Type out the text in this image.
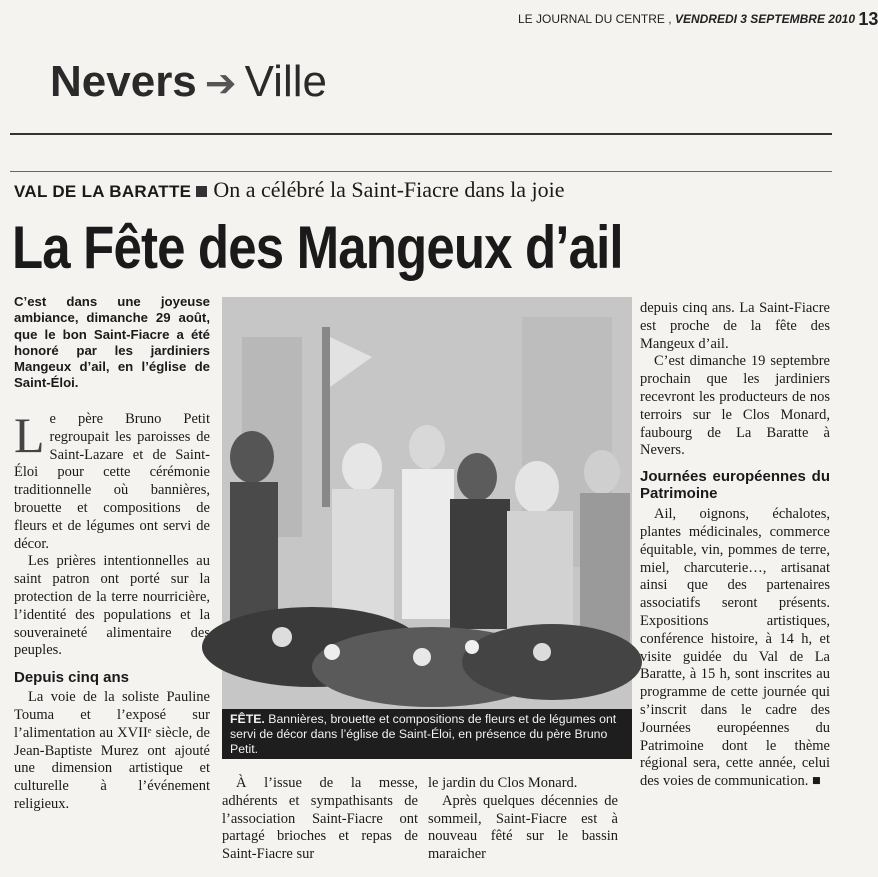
LE JOURNAL DU CENTRE , VENDREDI 3 SEPTEMBRE 2010 13
Nevers ➔ Ville
VAL DE LA BARATTE On a célébré la Saint-Fiacre dans la joie
La Fête des Mangeux d’ail

C’est dans une joyeuse ambiance, dimanche 29 août, que le bon Saint-Fiacre a été honoré par les jardiniers Mangeux d’ail, en l’église de Saint-Éloi.

Le père Bruno Petit regroupait les paroisses de Saint-Lazare et de Saint-Éloi pour cette cérémonie traditionnelle où bannières, brouette et compositions de fleurs et de légumes ont servi de décor.

Les prières intentionnelles au saint patron ont porté sur la protection de la terre nourricière, l’identité des populations et la souveraineté alimentaire des peuples.

Depuis cinq ans

La voie de la soliste Pauline Touma et l’exposé sur l’alimentation au XVIIᵉ siècle, de Jean-Baptiste Murez ont ajouté une dimension artistique et culturelle à l’événement religieux.

FÊTE. Bannières, brouette et compositions de fleurs et de légumes ont servi de décor dans l’église de Saint-Éloi, en présence du père Bruno Petit.

À l’issue de la messe, adhérents et sympathisants de l’association Saint-Fiacre ont partagé brioches et repas de Saint-Fiacre sur

le jardin du Clos Monard.

Après quelques décennies de sommeil, Saint-Fiacre est à nouveau fêté sur le bassin maraicher

depuis cinq ans. La Saint-Fiacre est proche de la fête des Mangeux d’ail.

C’est dimanche 19 septembre prochain que les jardiniers recevront les producteurs de nos terroirs sur le Clos Monard, faubourg de La Baratte à Nevers.

Journées européennes du Patrimoine

Ail, oignons, échalotes, plantes médicinales, commerce équitable, vin, pommes de terre, miel, charcuterie…, artisanat ainsi que des partenaires associatifs seront présents. Expositions artistiques, conférence histoire, à 14 h, et visite guidée du Val de La Baratte, à 15 h, sont inscrites au programme de cette journée qui s’inscrit dans le cadre des Journées européennes du Patrimoine dont le thème régional sera, cette année, celui des voies de communication. ■
